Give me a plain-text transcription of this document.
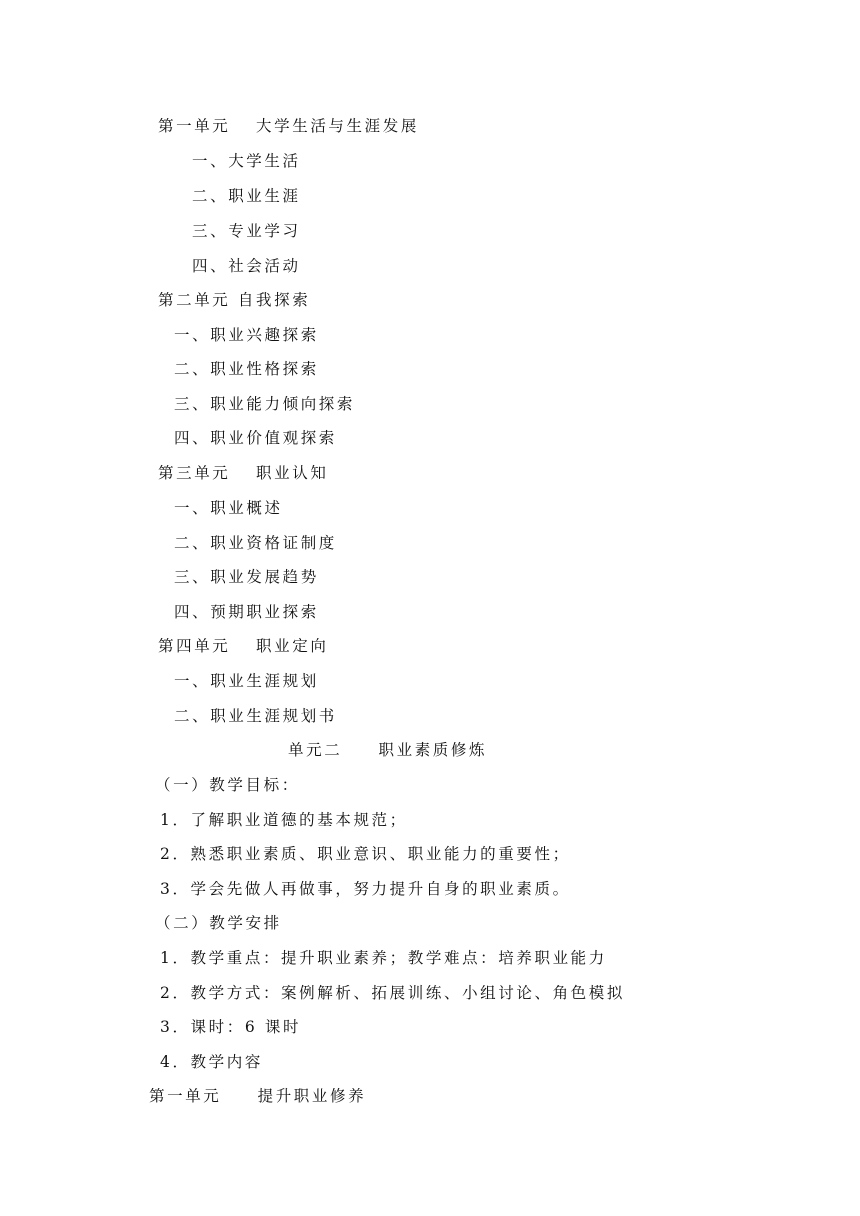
第一单元　 大学生活与生涯发展
一、大学生活
二、职业生涯
三、专业学习
四、社会活动
第二单元 自我探索
一、职业兴趣探索
二、职业性格探索
三、职业能力倾向探索
四、职业价值观探索
第三单元　 职业认知
一、职业概述
二、职业资格证制度
三、职业发展趋势
四、预期职业探索
第四单元　 职业定向
一、职业生涯规划
二、职业生涯规划书
单元二　　职业素质修炼
（一）教学目标：
1．了解职业道德的基本规范；
2．熟悉职业素质、职业意识、职业能力的重要性；
3．学会先做人再做事，努力提升自身的职业素质。
（二）教学安排
1．教学重点：提升职业素养；教学难点：培养职业能力
2．教学方式：案例解析、拓展训练、小组讨论、角色模拟
3．课时：6 课时
4．教学内容
第一单元　　提升职业修养
